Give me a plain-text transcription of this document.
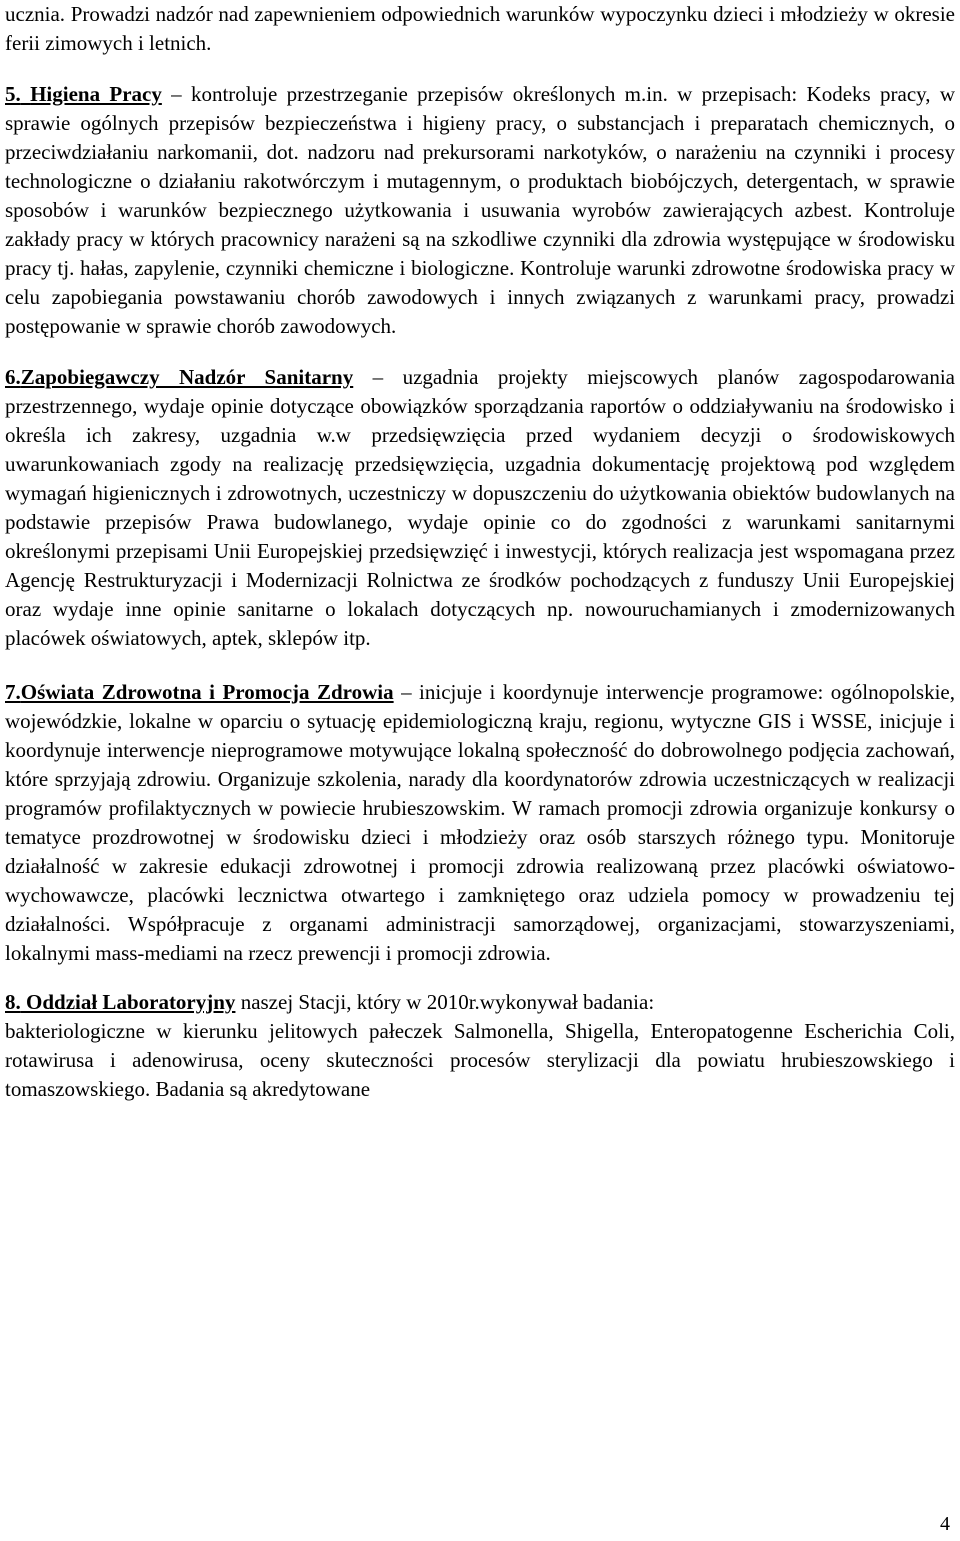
uczniа. Prowadzi nadzór nad zapewnieniem odpowiednich warunków wypoczynku dzieci i młodzieży w okresie ferii zimowych i letnich.

5. Higiena Pracy – kontroluje przestrzeganie przepisów określonych m.in. w przepisach: Kodeks pracy, w sprawie ogólnych przepisów bezpieczeństwa i higieny pracy, o substancjach i preparatach chemicznych, o przeciwdziałaniu narkomanii, dot. nadzoru nad prekursorami narkotyków, o narażeniu na czynniki i procesy technologiczne o działaniu rakotwórczym i mutagennym, o produktach biobójczych, detergentach, w sprawie sposobów i warunków bezpiecznego użytkowania i usuwania wyrobów zawierających azbest. Kontroluje zakłady pracy w których pracownicy narażeni są na szkodliwe czynniki dla zdrowia występujące w środowisku pracy tj. hałas, zapylenie, czynniki chemiczne i biologiczne. Kontroluje warunki zdrowotne środowiska pracy w celu zapobiegania powstawaniu chorób zawodowych i innych związanych z warunkami pracy, prowadzi postępowanie w sprawie chorób zawodowych.

6.Zapobiegawczy Nadzór Sanitarny – uzgadnia projekty miejscowych planów zagospodarowania przestrzennego, wydaje opinie dotyczące obowiązków sporządzania raportów o oddziaływaniu na środowisko i określa ich zakresy, uzgadnia w.w przedsięwzięcia przed wydaniem decyzji o środowiskowych uwarunkowaniach zgody na realizację przedsięwzięcia, uzgadnia dokumentację projektową pod względem wymagań higienicznych i zdrowotnych, uczestniczy w dopuszczeniu do użytkowania obiektów budowlanych na podstawie przepisów Prawa budowlanego, wydaje opinie co do zgodności z warunkami sanitarnymi określonymi przepisami Unii Europejskiej przedsięwzięć i inwestycji, których realizacja jest wspomagana przez Agencję Restrukturyzacji i Modernizacji Rolnictwa ze środków pochodzących z funduszy Unii Europejskiej oraz wydaje inne opinie sanitarne o lokalach dotyczących np. nowouruchamianych i zmodernizowanych placówek oświatowych, aptek, sklepów itp.

7.Oświata Zdrowotna i Promocja Zdrowia – inicjuje i koordynuje interwencje programowe: ogólnopolskie, wojewódzkie, lokalne w oparciu o sytuację epidemiologiczną kraju, regionu, wytyczne GIS i WSSE, inicjuje i koordynuje interwencje nieprogramowe motywujące lokalną społeczność do dobrowolnego podjęcia zachowań, które sprzyjają zdrowiu. Organizuje szkolenia, narady dla koordynatorów zdrowia uczestniczących w realizacji programów profilaktycznych w powiecie hrubieszowskim. W ramach promocji zdrowia organizuje konkursy o tematyce prozdrowotnej w środowisku dzieci i młodzieży oraz osób starszych różnego typu. Monitoruje działalność w zakresie edukacji zdrowotnej i promocji zdrowia realizowaną przez placówki oświatowo-wychowawcze, placówki lecznictwa otwartego i zamkniętego oraz udziela pomocy w prowadzeniu tej działalności. Współpracuje z organami administracji samorządowej, organizacjami, stowarzyszeniami, lokalnymi mass-mediami na rzecz prewencji i promocji zdrowia.

8. Oddział Laboratoryjny naszej Stacji, który w 2010r.wykonywał badania:

bakteriologiczne w kierunku jelitowych pałeczek Salmonella, Shigella, Enteropatogenne Escherichia Coli, rotawirusa i adenowirusa, oceny skuteczności procesów sterylizacji dla powiatu hrubieszowskiego i tomaszowskiego. Badania są akredytowane

4
